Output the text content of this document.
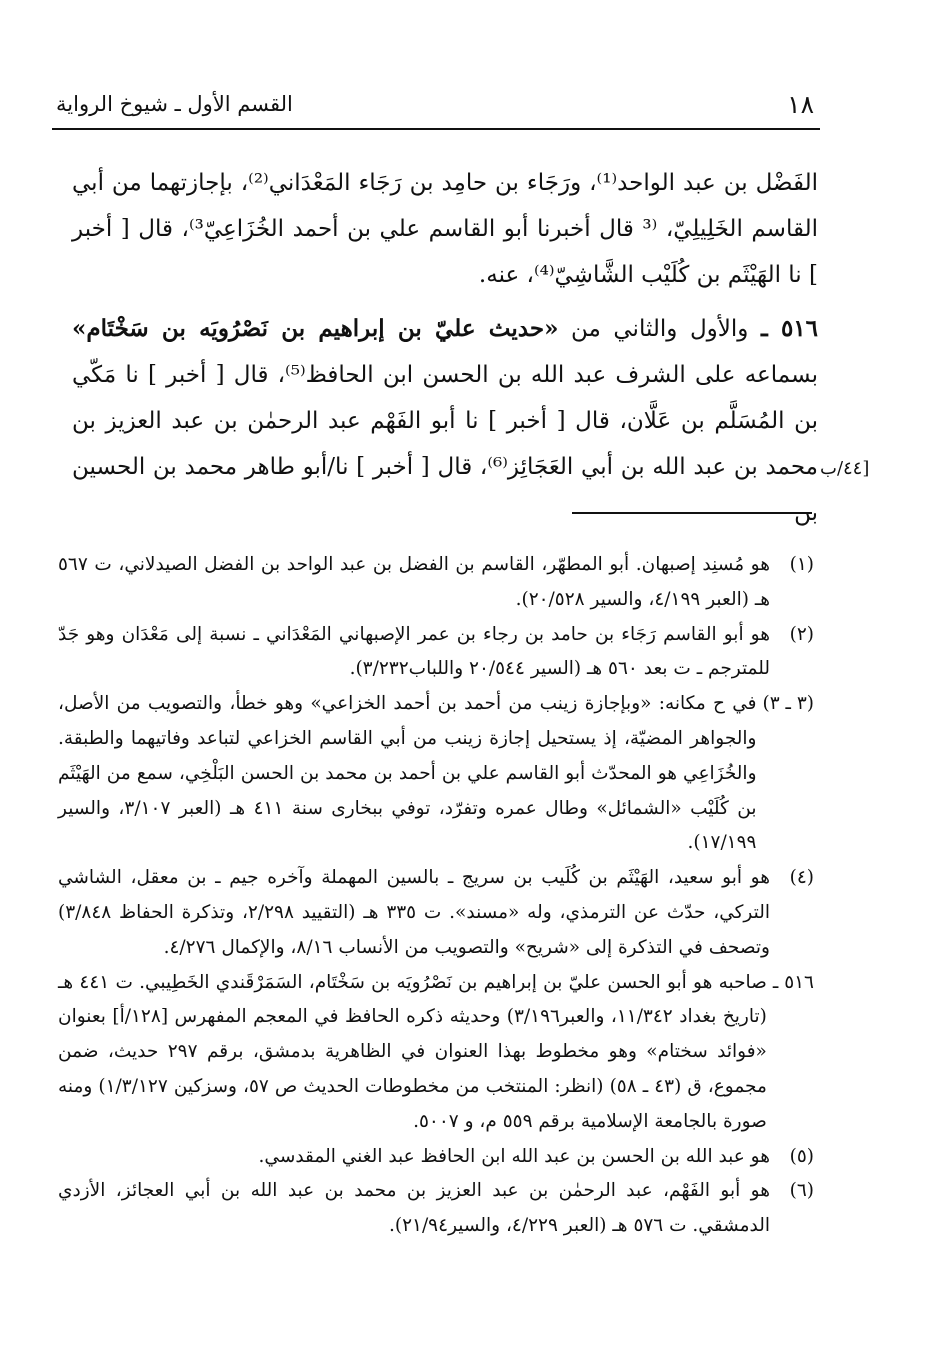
١٨
القسم الأول ـ شيوخ الرواية

الفَضْل بن عبد الواحد⁽¹⁾، ورَجَاء بن حامِد بن رَجَاء المَعْدَاني⁽²⁾، بإجازتهما من أبي القاسم الخَلِيلِيّ، ⁽³ قال أخبرنا أبو القاسم علي بن أحمد الخُزَاعِيّ³⁾، قال [ أخبر ] نا الهَيْثَم بن كُلَيْب الشَّاشِيّ⁽⁴⁾، عنه.

٥١٦ ـ والأول والثاني من «حديث عليّ بن إبراهيم بن نَصْرُويَه بن سَخْتَام» بسماعه على الشرف عبد الله بن الحسن ابن الحافظ⁽⁵⁾، قال [ أخبر ] نا مَكّي بن المُسَلَّم بن عَلَّان، قال [ أخبر ] نا أبو الفَهْم عبد الرحمٰن بن عبد العزيز بن محمد بن عبد الله بن أبي العَجَائِز⁽⁶⁾، قال [ أخبر ] نا/أبو طاهر محمد بن الحسين بن

[٤٤/ب
(١)
هو مُسنِد إصبهان. أبو المطهّر، القاسم بن الفضل بن عبد الواحد بن الفضل الصيدلاني، ت ٥٦٧ هـ (العبر ٤/١٩٩، والسير ٢٠/٥٢٨).
(٢)
هو أبو القاسم رَجَاء بن حامد بن رجاء بن عمر الإصبهاني المَعْدَاني ـ نسبة إلى مَعْدَان وهو جَدّ للمترجم ـ ت بعد ٥٦٠ هـ (السير ٢٠/٥٤٤ واللباب٣/٢٣٢).
(٣ ـ ٣)
في ح مكانه: «وبإجازة زينب من أحمد بن أحمد الخزاعي» وهو خطأ، والتصويب من الأصل، والجواهر المضيّة، إذ يستحيل إجازة زينب من أبي القاسم الخزاعي لتباعد وفاتيهما والطبقة. والخُزَاعِي هو المحدّث أبو القاسم علي بن أحمد بن محمد بن الحسن البَلْخِي، سمع من الهَيْثَم بن كُلَيْب «الشمائل» وطال عمره وتفرّد، توفي ببخارى سنة ٤١١ هـ (العبر ٣/١٠٧، والسير ١٧/١٩٩).
(٤)
هو أبو سعيد، الهَيْثَم بن كُلَيب بن سريج ـ بالسين المهملة وآخره جيم ـ بن معقل، الشاشي التركي، حدّث عن الترمذي، وله «مسند». ت ٣٣٥ هـ (التقييد ٢/٢٩٨، وتذكرة الحفاظ ٣/٨٤٨) وتصحف في التذكرة إلى «شريح» والتصويب من الأنساب ٨/١٦، والإكمال ٤/٢٧٦.
٥١٦ ـ
صاحبه هو أبو الحسن عليّ بن إبراهيم بن نَصْرُويَه بن سَخْتَام، السَمَرْقَندي الخَطِيبي. ت ٤٤١ هـ (تاريخ بغداد ١١/٣٤٢، والعبر٣/١٩٦) وحديثه ذكره الحافظ في المعجم المفهرس [١٢٨/أ] بعنوان «فوائد سختام» وهو مخطوط بهذا العنوان في الظاهرية بدمشق، برقم ٢٩٧ حديث، ضمن مجموع، ق (٤٣ ـ ٥٨) (انظر: المنتخب من مخطوطات الحديث ص ٥٧، وسزكين ١/٣/١٢٧) ومنه صورة بالجامعة الإسلامية برقم ٥٥٩ م، و ٥٠٠٧.
(٥)
هو عبد الله بن الحسن بن عبد الله ابن الحافظ عبد الغني المقدسي.
(٦)
هو أبو الفَهْم، عبد الرحمٰن بن عبد العزيز بن محمد بن عبد الله بن أبي العجائز، الأزدي الدمشقي. ت ٥٧٦ هـ (العبر ٤/٢٢٩، والسير٢١/٩٤).
